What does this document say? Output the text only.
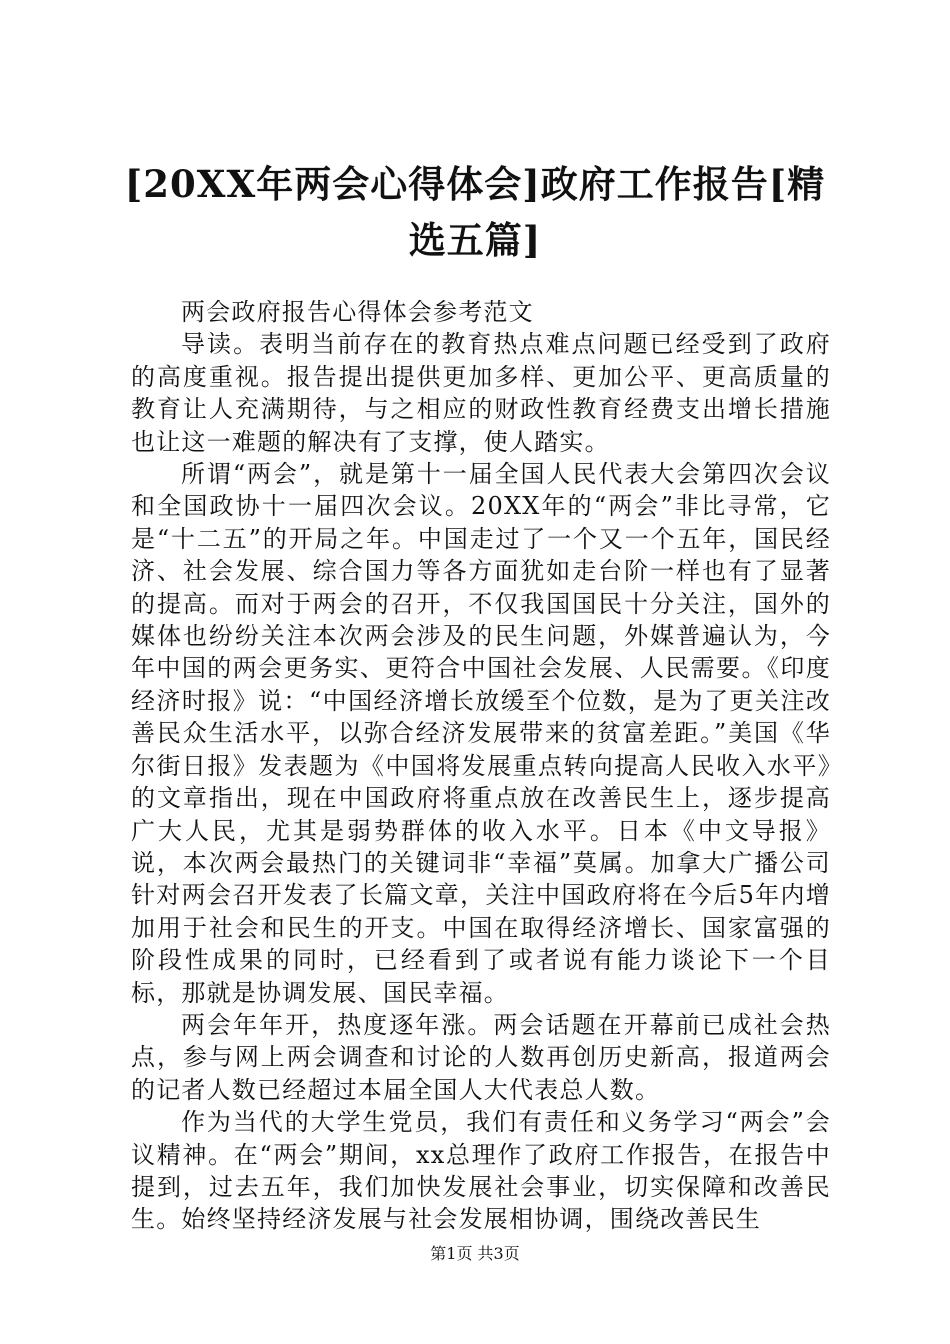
[20XX年两会心得体会]政府工作报告[精选五篇]

两会政府报告心得体会参考范文

导读。表明当前存在的教育热点难点问题已经受到了政府的高度重视。报告提出提供更加多样、更加公平、更高质量的教育让人充满期待，与之相应的财政性教育经费支出增长措施也让这一难题的解决有了支撑，使人踏实。

所谓“两会”，就是第十一届全国人民代表大会第四次会议和全国政协十一届四次会议。20XX年的“两会”非比寻常，它是“十二五”的开局之年。中国走过了一个又一个五年，国民经济、社会发展、综合国力等各方面犹如走台阶一样也有了显著的提高。而对于两会的召开，不仅我国国民十分关注，国外的媒体也纷纷关注本次两会涉及的民生问题，外媒普遍认为，今年中国的两会更务实、更符合中国社会发展、人民需要。《印度经济时报》说：“中国经济增长放缓至个位数，是为了更关注改善民众生活水平，以弥合经济发展带来的贫富差距。”美国《华尔街日报》发表题为《中国将发展重点转向提高人民收入水平》的文章指出，现在中国政府将重点放在改善民生上，逐步提高广大人民，尤其是弱势群体的收入水平。日本《中文导报》说，本次两会最热门的关键词非“幸福”莫属。加拿大广播公司针对两会召开发表了长篇文章，关注中国政府将在今后5年内增加用于社会和民生的开支。中国在取得经济增长、国家富强的阶段性成果的同时，已经看到了或者说有能力谈论下一个目标，那就是协调发展、国民幸福。

两会年年开，热度逐年涨。两会话题在开幕前已成社会热点，参与网上两会调查和讨论的人数再创历史新高，报道两会的记者人数已经超过本届全国人大代表总人数。

作为当代的大学生党员，我们有责任和义务学习“两会”会议精神。在“两会”期间，xx总理作了政府工作报告，在报告中提到，过去五年，我们加快发展社会事业，切实保障和改善民生。始终坚持经济发展与社会发展相协调，围绕改善民生

第1页 共3页
